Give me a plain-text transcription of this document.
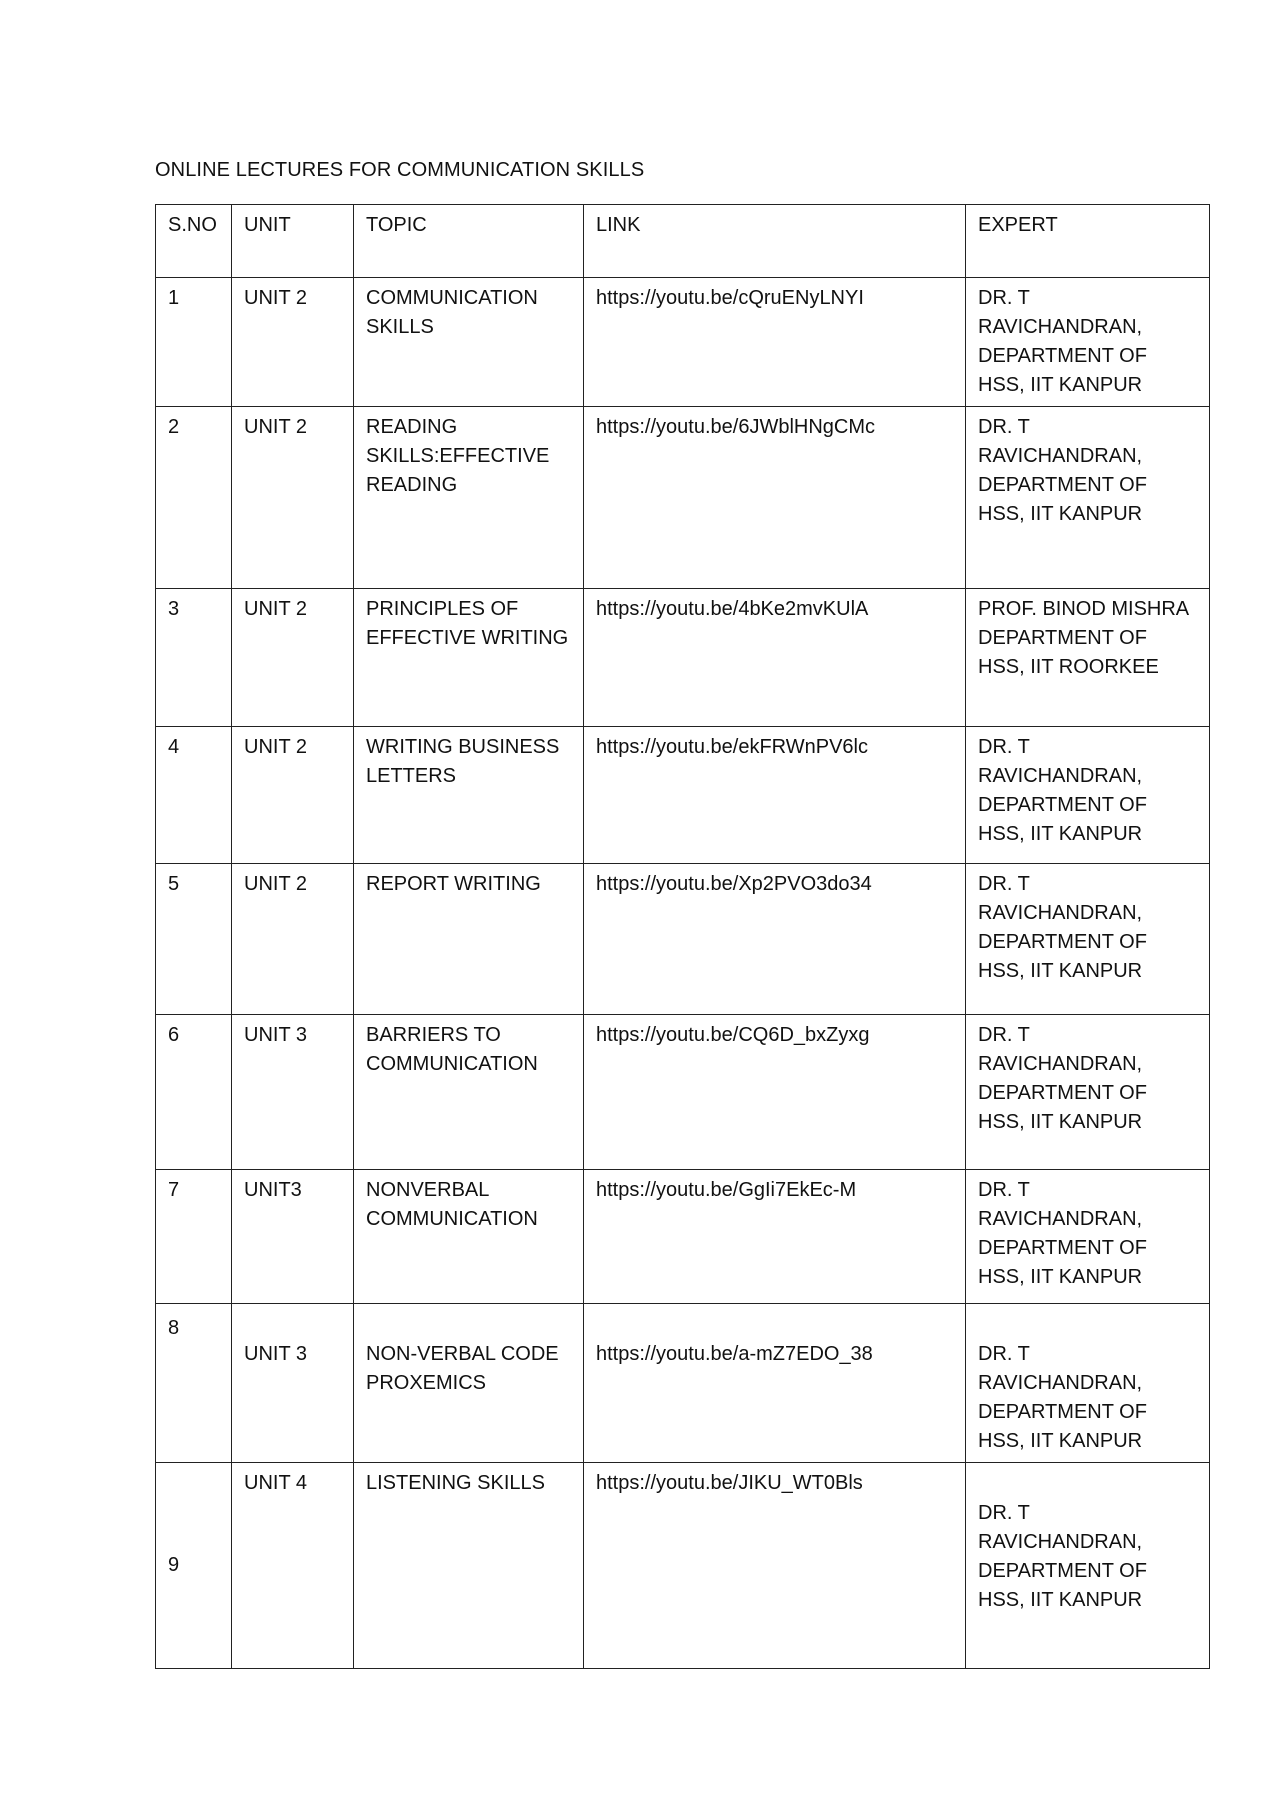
ONLINE LECTURES FOR COMMUNICATION SKILLS
S.NO	UNIT	TOPIC	LINK	EXPERT
1	UNIT 2	COMMUNICATION SKILLS	https://youtu.be/cQruENyLNYI	DR. T RAVICHANDRAN, DEPARTMENT OF HSS, IIT KANPUR
2	UNIT 2	READING SKILLS:EFFECTIVE READING	https://youtu.be/6JWblHNgCMc	DR. T RAVICHANDRAN, DEPARTMENT OF HSS, IIT KANPUR
3	UNIT 2	PRINCIPLES OF EFFECTIVE WRITING	https://youtu.be/4bKe2mvKUlA	PROF. BINOD MISHRA DEPARTMENT OF HSS, IIT ROORKEE
4	UNIT 2	WRITING BUSINESS LETTERS	https://youtu.be/ekFRWnPV6lc	DR. T RAVICHANDRAN, DEPARTMENT OF HSS, IIT KANPUR
5	UNIT 2	REPORT WRITING	https://youtu.be/Xp2PVO3do34	DR. T RAVICHANDRAN, DEPARTMENT OF HSS, IIT KANPUR
6	UNIT 3	BARRIERS TO COMMUNICATION	https://youtu.be/CQ6D_bxZyxg	DR. T RAVICHANDRAN, DEPARTMENT OF HSS, IIT KANPUR
7	UNIT3	NONVERBAL COMMUNICATION	https://youtu.be/GgIi7EkEc-M	DR. T RAVICHANDRAN, DEPARTMENT OF HSS, IIT KANPUR
8	UNIT 3	NON-VERBAL CODE PROXEMICS	https://youtu.be/a-mZ7EDO_38	DR. T RAVICHANDRAN, DEPARTMENT OF HSS, IIT KANPUR
9	UNIT 4	LISTENING SKILLS	https://youtu.be/JIKU_WT0Bls	DR. T RAVICHANDRAN, DEPARTMENT OF HSS, IIT KANPUR
